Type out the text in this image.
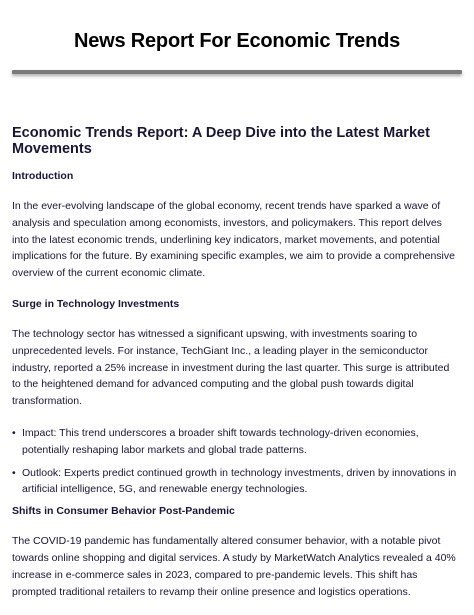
News Report For Economic Trends
Economic Trends Report: A Deep Dive into the Latest Market Movements
Introduction

In the ever-evolving landscape of the global economy, recent trends have sparked a wave of analysis and speculation among economists, investors, and policymakers. This report delves into the latest economic trends, underlining key indicators, market movements, and potential implications for the future. By examining specific examples, we aim to provide a comprehensive overview of the current economic climate.

Surge in Technology Investments

The technology sector has witnessed a significant upswing, with investments soaring to unprecedented levels. For instance, TechGiant Inc., a leading player in the semiconductor industry, reported a 25% increase in investment during the last quarter. This surge is attributed to the heightened demand for advanced computing and the global push towards digital transformation.

• Impact: This trend underscores a broader shift towards technology-driven economies, potentially reshaping labor markets and global trade patterns.
• Outlook: Experts predict continued growth in technology investments, driven by innovations in artificial intelligence, 5G, and renewable energy technologies.
Shifts in Consumer Behavior Post-Pandemic

The COVID-19 pandemic has fundamentally altered consumer behavior, with a notable pivot towards online shopping and digital services. A study by MarketWatch Analytics revealed a 40% increase in e-commerce sales in 2023, compared to pre-pandemic levels. This shift has prompted traditional retailers to revamp their online presence and logistics operations.
